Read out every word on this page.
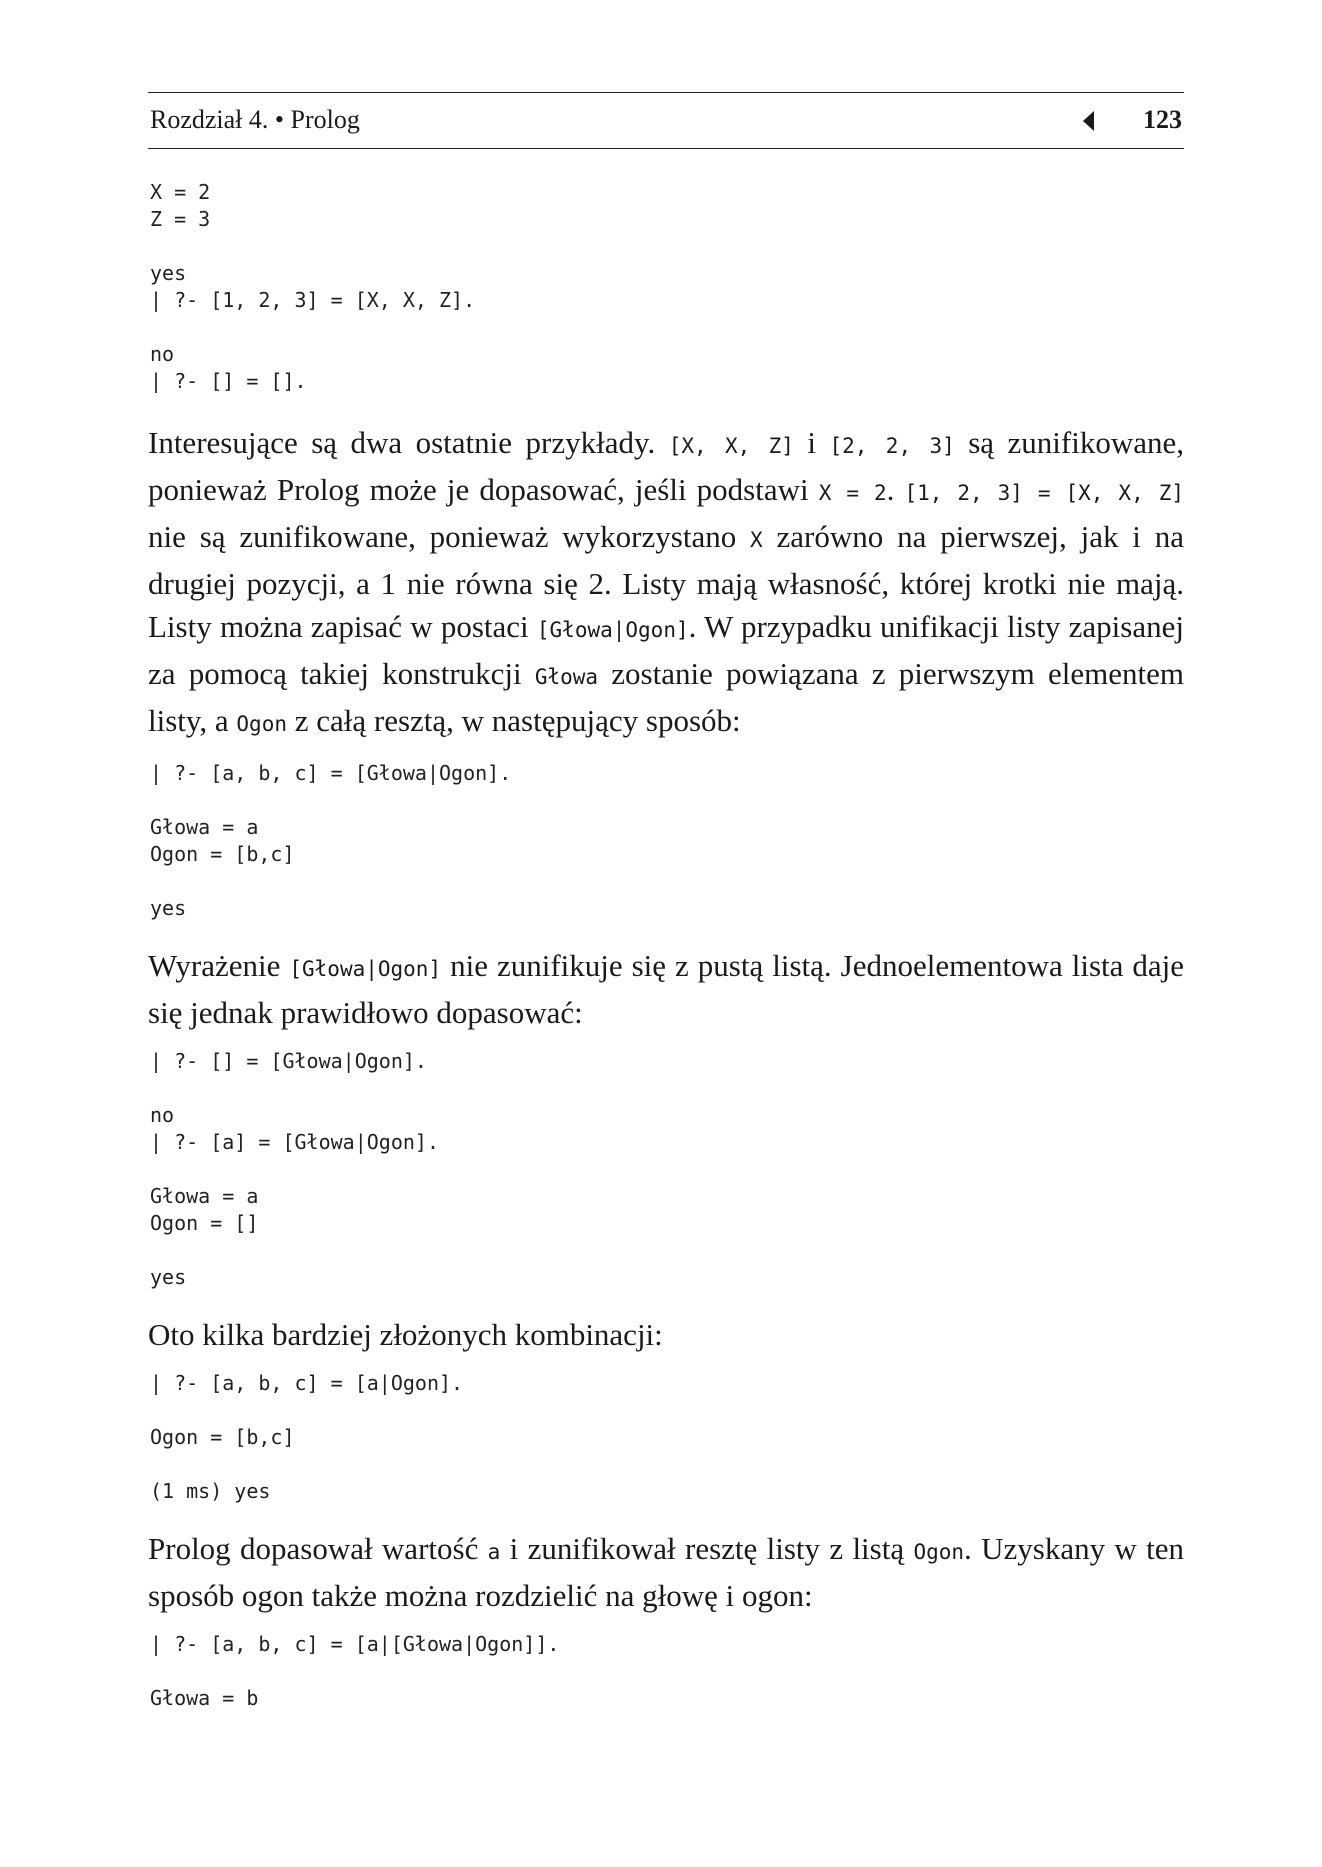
Rozdział 4. • Prolog	123
X = 2
Z = 3

yes
| ?- [1, 2, 3] = [X, X, Z].

no
| ?- [] = [].

Interesujące są dwa ostatnie przykłady. [X, X, Z] i [2, 2, 3] są zunifikowane, ponieważ Prolog może je dopasować, jeśli podstawi X = 2. [1, 2, 3] = [X, X, Z] nie są zunifikowane, ponieważ wykorzystano X zarówno na pierwszej, jak i na drugiej pozycji, a 1 nie równa się 2. Listy mają własność, której krotki nie mają. Listy można zapisać w postaci [Głowa|Ogon]. W przypadku unifikacji listy zapisanej za pomocą takiej konstrukcji Głowa zostanie powiązana z pierwszym elementem listy, a Ogon z całą resztą, w następujący sposób:

| ?- [a, b, c] = [Głowa|Ogon].

Głowa = a
Ogon = [b,c]

yes

Wyrażenie [Głowa|Ogon] nie zunifikuje się z pustą listą. Jednoelementowa lista daje się jednak prawidłowo dopasować:

| ?- [] = [Głowa|Ogon].

no
| ?- [a] = [Głowa|Ogon].

Głowa = a
Ogon = []

yes

Oto kilka bardziej złożonych kombinacji:

| ?- [a, b, c] = [a|Ogon].

Ogon = [b,c]

(1 ms) yes

Prolog dopasował wartość a i zunifikował resztę listy z listą Ogon. Uzyskany w ten sposób ogon także można rozdzielić na głowę i ogon:

| ?- [a, b, c] = [a|[Głowa|Ogon]].

Głowa = b
